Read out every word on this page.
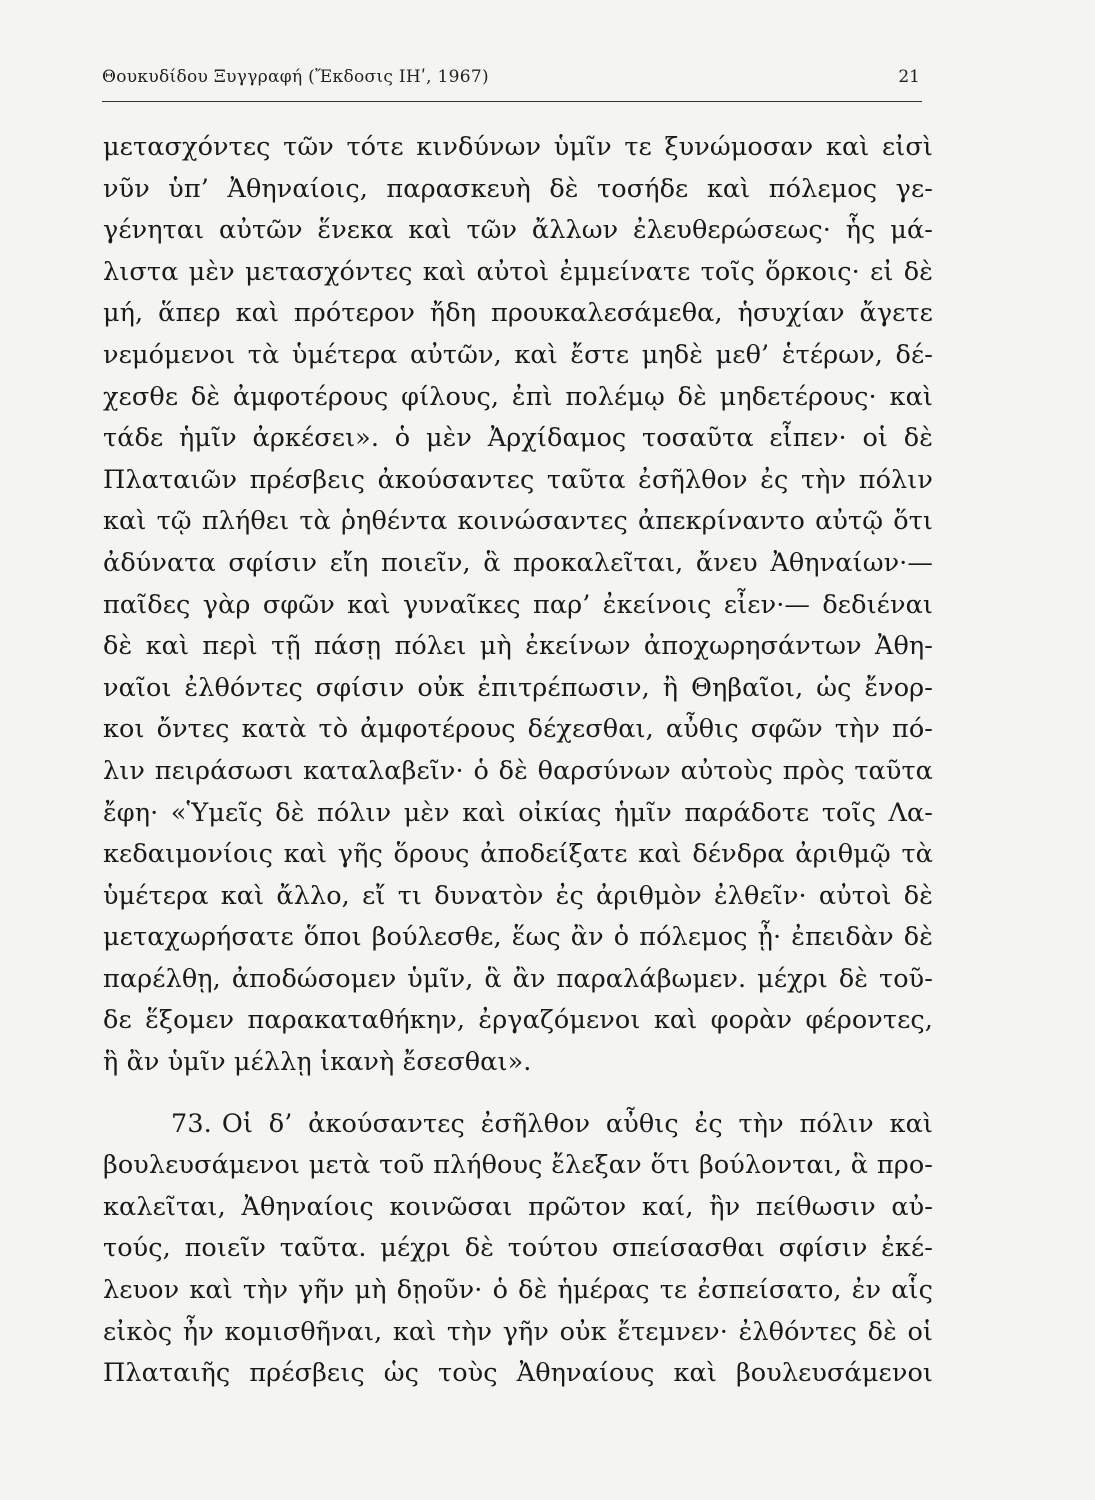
Θουκυδίδου Ξυγγραφή (Ἔκδοσις ΙΗʹ, 1967)	21
μετασχόντες τῶν τότε κινδύνων ὑμῖν τε ξυνώμοσαν καὶ εἰσὶ
νῦν ὑπ’ Ἀθηναίοις, παρασκευὴ δὲ τοσήδε καὶ πόλεμος γε-
γένηται αὐτῶν ἕνεκα καὶ τῶν ἄλλων ἐλευθερώσεως· ἧς μά-
λιστα μὲν μετασχόντες καὶ αὐτοὶ ἐμμείνατε τοῖς ὅρκοις· εἰ δὲ
μή, ἅπερ καὶ πρότερον ἤδη προυκαλεσάμεθα, ἡσυχίαν ἄγετε
νεμόμενοι τὰ ὑμέτερα αὐτῶν, καὶ ἔστε μηδὲ μεθ’ ἑτέρων, δέ-
χεσθε δὲ ἀμφοτέρους φίλους, ἐπὶ πολέμῳ δὲ μηδετέρους· καὶ
τάδε ἡμῖν ἀρκέσει». ὁ μὲν Ἀρχίδαμος τοσαῦτα εἶπεν· οἱ δὲ
Πλαταιῶν πρέσβεις ἀκούσαντες ταῦτα ἐσῆλθον ἐς τὴν πόλιν
καὶ τῷ πλήθει τὰ ῥηθέντα κοινώσαντες ἀπεκρίναντο αὐτῷ ὅτι
ἀδύνατα σφίσιν εἴη ποιεῖν, ἃ προκαλεῖται, ἄνευ Ἀθηναίων·—
παῖδες γὰρ σφῶν καὶ γυναῖκες παρ’ ἐκείνοις εἶεν·— δεδιέναι
δὲ καὶ περὶ τῇ πάσῃ πόλει μὴ ἐκείνων ἀποχωρησάντων Ἀθη-
ναῖοι ἐλθόντες σφίσιν οὐκ ἐπιτρέπωσιν, ἢ Θηβαῖοι, ὡς ἔνορ-
κοι ὄντες κατὰ τὸ ἀμφοτέρους δέχεσθαι, αὖθις σφῶν τὴν πό-
λιν πειράσωσι καταλαβεῖν· ὁ δὲ θαρσύνων αὐτοὺς πρὸς ταῦτα
ἔφη· «Ὑμεῖς δὲ πόλιν μὲν καὶ οἰκίας ἡμῖν παράδοτε τοῖς Λα-
κεδαιμονίοις καὶ γῆς ὅρους ἀποδείξατε καὶ δένδρα ἀριθμῷ τὰ
ὑμέτερα καὶ ἄλλο, εἴ τι δυνατὸν ἐς ἀριθμὸν ἐλθεῖν· αὐτοὶ δὲ
μεταχωρήσατε ὅποι βούλεσθε, ἕως ἂν ὁ πόλεμος ᾖ· ἐπειδὰν δὲ
παρέλθῃ, ἀποδώσομεν ὑμῖν, ἃ ἂν παραλάβωμεν. μέχρι δὲ τοῦ-
δε ἕξομεν παρακαταθήκην, ἐργαζόμενοι καὶ φορὰν φέροντες,
ἣ ἂν ὑμῖν μέλλῃ ἱκανὴ ἔσεσθαι».
73. Οἱ δ’ ἀκούσαντες ἐσῆλθον αὖθις ἐς τὴν πόλιν καὶ
βουλευσάμενοι μετὰ τοῦ πλήθους ἔλεξαν ὅτι βούλονται, ἃ προ-
καλεῖται, Ἀθηναίοις κοινῶσαι πρῶτον καί, ἢν πείθωσιν αὐ-
τούς, ποιεῖν ταῦτα. μέχρι δὲ τούτου σπείσασθαι σφίσιν ἐκέ-
λευον καὶ τὴν γῆν μὴ δῃοῦν· ὁ δὲ ἡμέρας τε ἐσπείσατο, ἐν αἷς
εἰκὸς ἦν κομισθῆναι, καὶ τὴν γῆν οὐκ ἔτεμνεν· ἐλθόντες δὲ οἱ
Πλαταιῆς πρέσβεις ὡς τοὺς Ἀθηναίους καὶ βουλευσάμενοι
